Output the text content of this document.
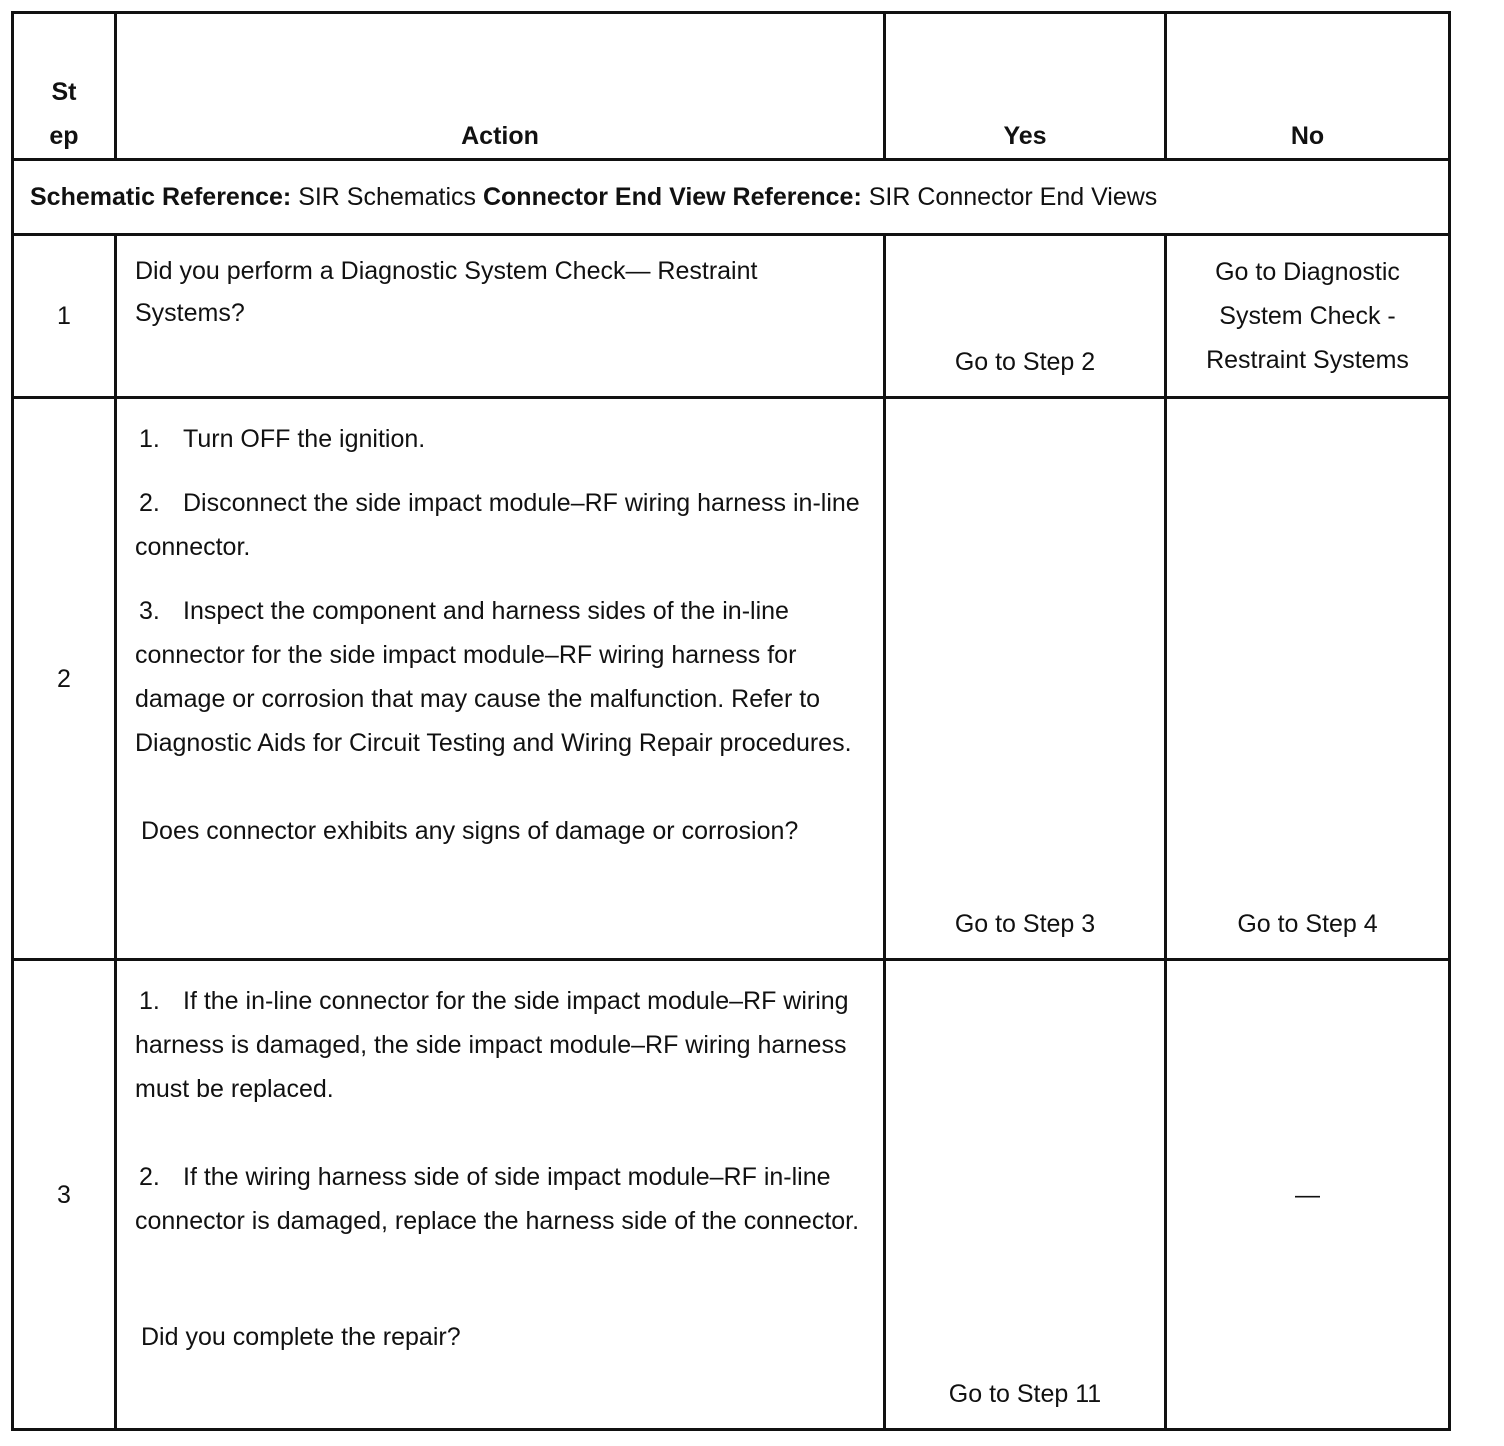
St
ep	Action	Yes	No
Schematic Reference: SIR Schematics Connector End View Reference: SIR Connector End Views			
1	Did you perform a Diagnostic System Check— Restraint Systems?	Go to Step 2	Go to Diagnostic
System Check -
Restraint Systems

2	1. Turn OFF the ignition.

2. Disconnect the side impact module–RF wiring harness in-line connector.

3. Inspect the component and harness sides of the in-line connector for the side impact module–RF wiring harness for damage or corrosion that may cause the malfunction. Refer to Diagnostic Aids for Circuit Testing and Wiring Repair procedures.

Does connector exhibits any signs of damage or corrosion?	Go to Step 3	Go to Step 4
3	1. If the in-line connector for the side impact module–RF wiring harness is damaged, the side impact module–RF wiring harness must be replaced.

2. If the wiring harness side of side impact module–RF in-line connector is damaged, replace the harness side of the connector.

Did you complete the repair?	Go to Step 11	—
